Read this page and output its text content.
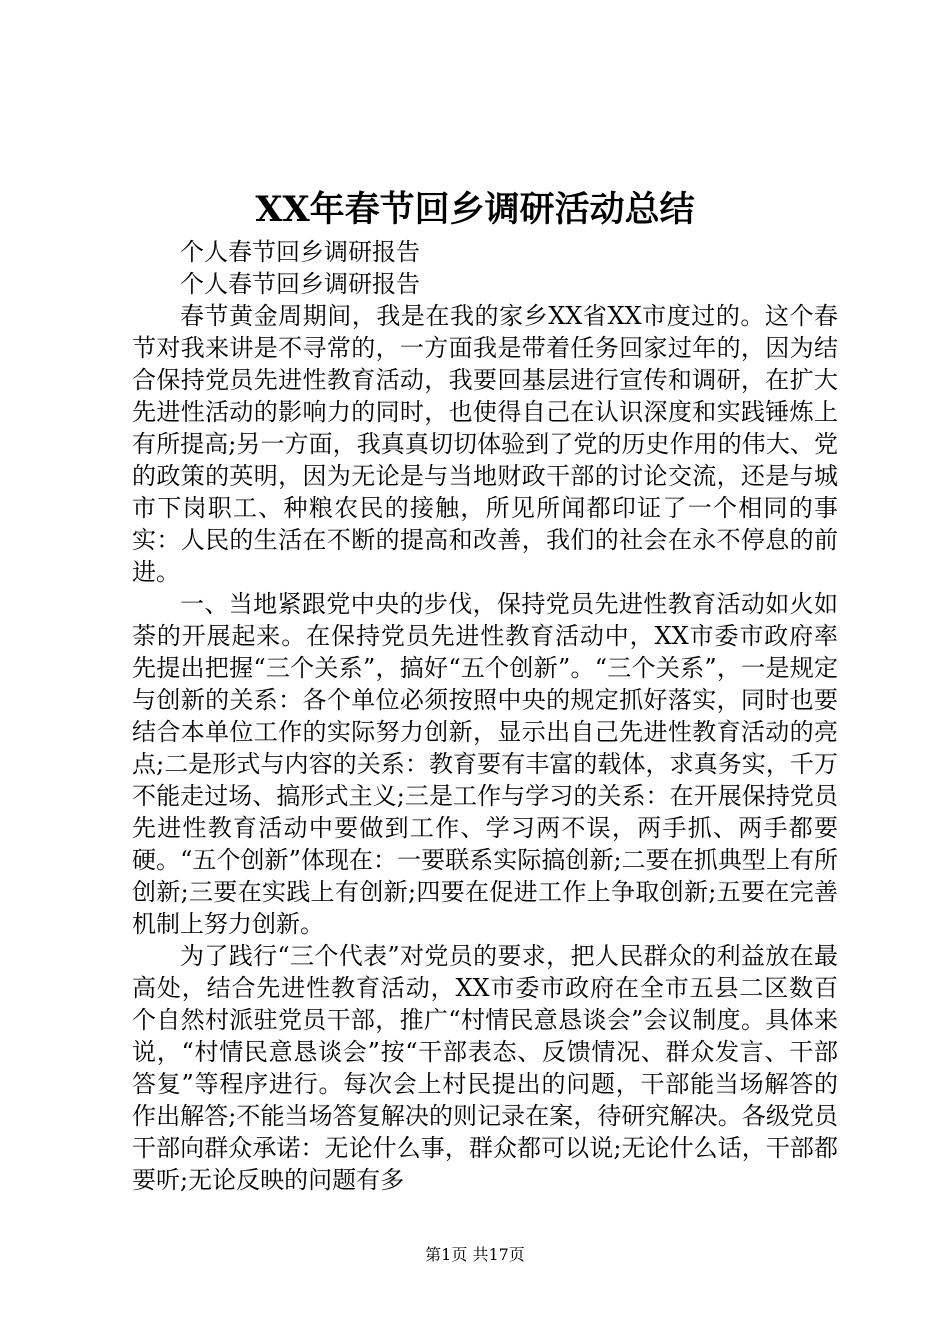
XX年春节回乡调研活动总结

个人春节回乡调研报告

个人春节回乡调研报告

春节黄金周期间，我是在我的家乡XX省XX市度过的。这个春节对我来讲是不寻常的，一方面我是带着任务回家过年的，因为结合保持党员先进性教育活动，我要回基层进行宣传和调研，在扩大先进性活动的影响力的同时，也使得自己在认识深度和实践锤炼上有所提高;另一方面，我真真切切体验到了党的历史作用的伟大、党的政策的英明，因为无论是与当地财政干部的讨论交流，还是与城市下岗职工、种粮农民的接触，所见所闻都印证了一个相同的事实：人民的生活在不断的提高和改善，我们的社会在永不停息的前进。

一、当地紧跟党中央的步伐，保持党员先进性教育活动如火如荼的开展起来。在保持党员先进性教育活动中，XX市委市政府率先提出把握“三个关系”，搞好“五个创新”。“三个关系”，一是规定与创新的关系：各个单位必须按照中央的规定抓好落实，同时也要结合本单位工作的实际努力创新，显示出自己先进性教育活动的亮点;二是形式与内容的关系：教育要有丰富的载体，求真务实，千万不能走过场、搞形式主义;三是工作与学习的关系：在开展保持党员先进性教育活动中要做到工作、学习两不误，两手抓、两手都要硬。“五个创新”体现在：一要联系实际搞创新;二要在抓典型上有所创新;三要在实践上有创新;四要在促进工作上争取创新;五要在完善机制上努力创新。

为了践行“三个代表”对党员的要求，把人民群众的利益放在最高处，结合先进性教育活动，XX市委市政府在全市五县二区数百个自然村派驻党员干部，推广“村情民意恳谈会”会议制度。具体来说，“村情民意恳谈会”按“干部表态、反馈情况、群众发言、干部答复”等程序进行。每次会上村民提出的问题，干部能当场解答的作出解答;不能当场答复解决的则记录在案，待研究解决。各级党员干部向群众承诺：无论什么事，群众都可以说;无论什么话，干部都要听;无论反映的问题有多

第1页 共17页
